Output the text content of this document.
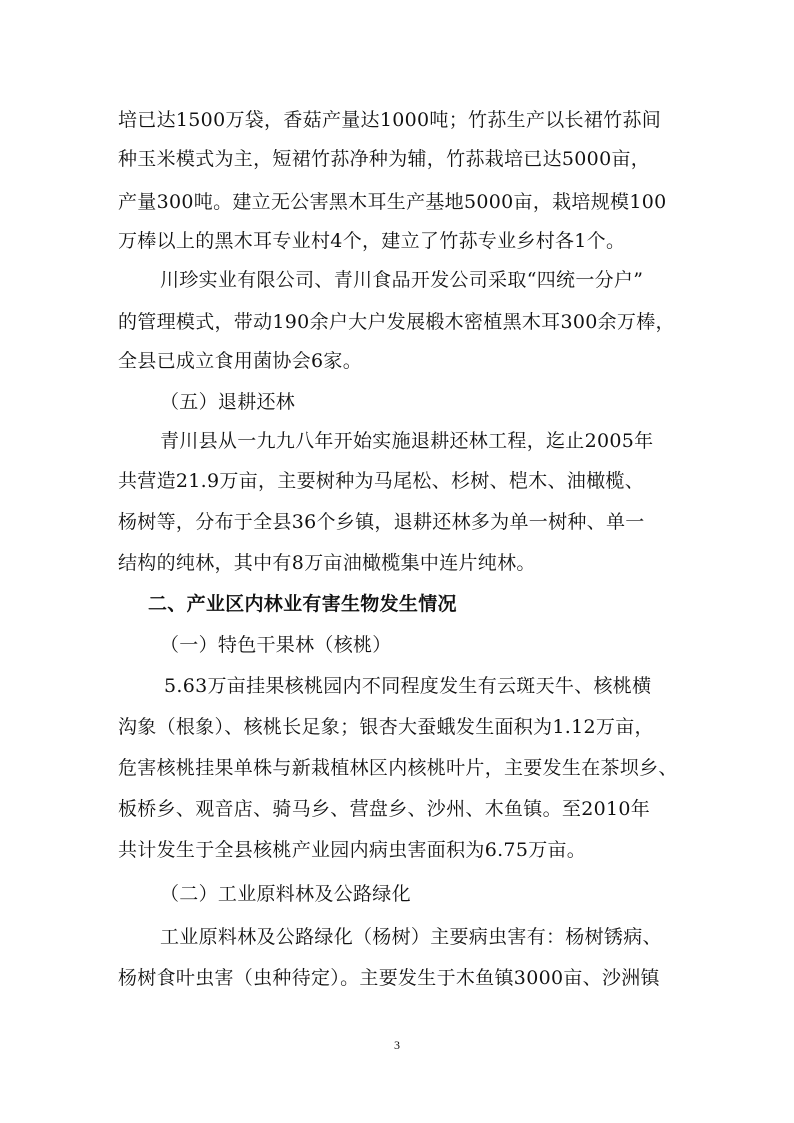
培已达1500万袋，香菇产量达1000吨；竹荪生产以长裙竹荪间
种玉米模式为主，短裙竹荪净种为辅，竹荪栽培已达5000亩，
产量300吨。建立无公害黑木耳生产基地5000亩，栽培规模100
万棒以上的黑木耳专业村4个，建立了竹荪专业乡村各1个。
川珍实业有限公司、青川食品开发公司采取“四统一分户”
的管理模式，带动190余户大户发展椴木密植黑木耳300余万棒，
全县已成立食用菌协会6家。
（五）退耕还林
青川县从一九九八年开始实施退耕还林工程，迄止2005年
共营造21.9万亩，主要树种为马尾松、杉树、桤木、油橄榄、
杨树等，分布于全县36个乡镇，退耕还林多为单一树种、单一
结构的纯林，其中有8万亩油橄榄集中连片纯林。
二、产业区内林业有害生物发生情况
（一）特色干果林（核桃）
5.63万亩挂果核桃园内不同程度发生有云斑天牛、核桃横
沟象（根象）、核桃长足象；银杏大蚕蛾发生面积为1.12万亩，
危害核桃挂果单株与新栽植林区内核桃叶片，主要发生在茶坝乡、
板桥乡、观音店、骑马乡、营盘乡、沙州、木鱼镇。至2010年
共计发生于全县核桃产业园内病虫害面积为6.75万亩。
（二）工业原料林及公路绿化
工业原料林及公路绿化（杨树）主要病虫害有：杨树锈病、
杨树食叶虫害（虫种待定）。主要发生于木鱼镇3000亩、沙洲镇
3
